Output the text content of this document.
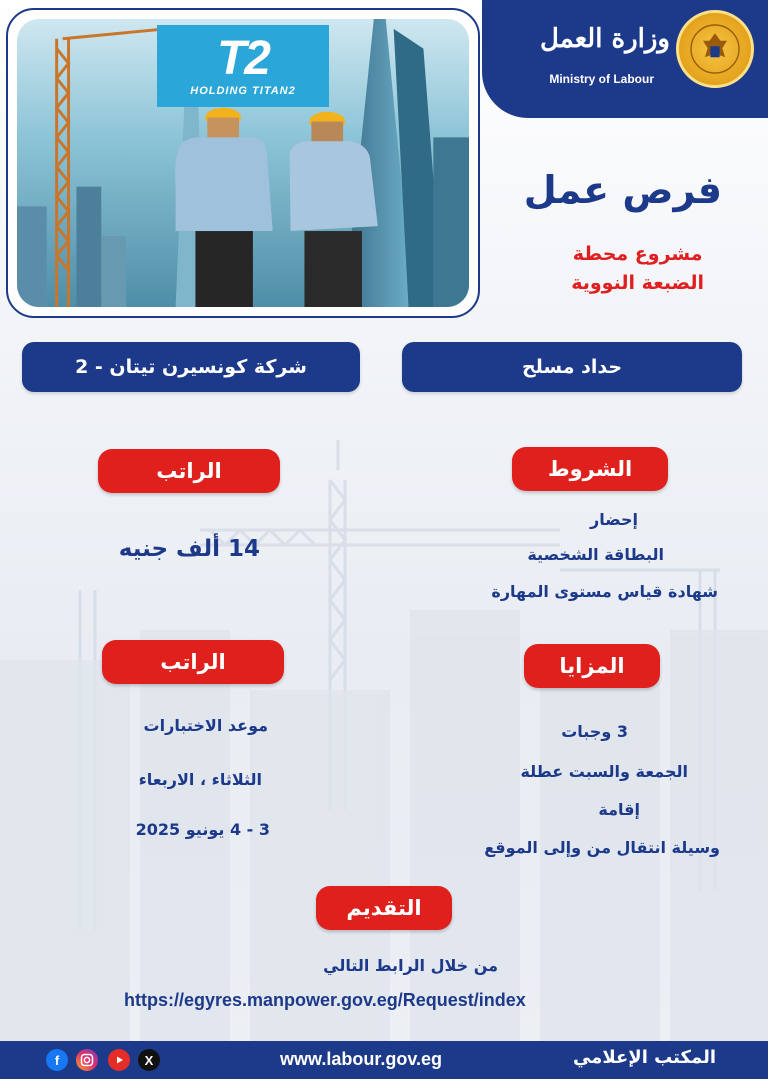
T2
HOLDING TITAN2
وزارة العمل
Ministry of Labour
فرص عمل
مشروع محطة
الضبعة النووية
حداد مسلح
شركة كونسيرن تيتان - 2
الشروط
إحضار
البطاقة الشخصية
شهادة قياس مستوى المهارة
الراتب
14 ألف جنيه
المزايا
3 وجبات
الجمعة والسبت عطلة
إقامة
وسيلة انتقال من وإلى الموقع
الراتب
موعد الاختبارات
الثلاثاء ، الاربعاء
3 - 4 يونيو 2025
التقديم
من خلال الرابط التالي
https://egyres.manpower.gov.eg/Request/index
المكتب الإعلامي
www.labour.gov.eg
f	X
